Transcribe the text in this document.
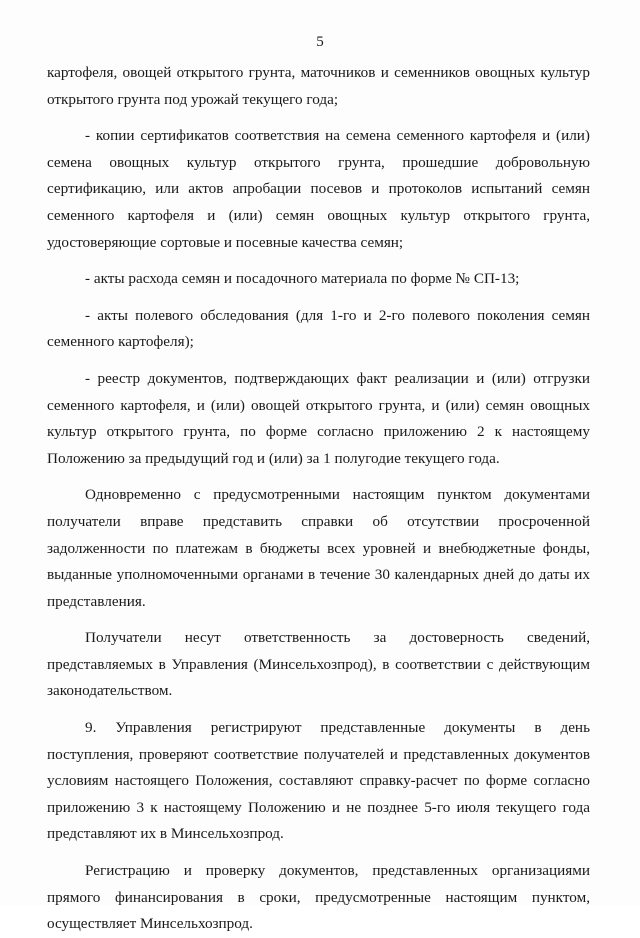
5
картофеля, овощей открытого грунта, маточников и семенников овощных культур
открытого грунта под урожай текущего года;
- копии сертификатов соответствия на семена семенного картофеля и (или)
семена овощных культур открытого грунта, прошедшие добровольную
сертификацию, или актов апробации посевов и протоколов испытаний семян
семенного картофеля и (или) семян овощных культур открытого грунта,
удостоверяющие сортовые и посевные качества семян;
- акты расхода семян и посадочного материала по форме № СП-13;
- акты полевого обследования (для 1-го и 2-го полевого поколения семян
семенного картофеля);
- реестр документов, подтверждающих факт реализации и (или) отгрузки
семенного картофеля, и (или) овощей открытого грунта, и (или) семян овощных
культур открытого грунта, по форме согласно приложению 2 к настоящему
Положению за предыдущий год и (или) за 1 полугодие текущего года.
Одновременно с предусмотренными настоящим пунктом документами
получатели вправе представить справки об отсутствии просроченной
задолженности по платежам в бюджеты всех уровней и внебюджетные фонды,
выданные уполномоченными органами в течение 30 календарных дней до даты их
представления.
Получатели несут ответственность за достоверность сведений,
представляемых в Управления (Минсельхозпрод), в соответствии с действующим
законодательством.
9. Управления регистрируют представленные документы в день
поступления, проверяют соответствие получателей и представленных документов
условиям настоящего Положения, составляют справку-расчет по форме согласно
приложению 3 к настоящему Положению и не позднее 5-го июля текущего года
представляют их в Минсельхозпрод.
Регистрацию и проверку документов, представленных организациями
прямого финансирования в сроки, предусмотренные настоящим пунктом,
осуществляет Минсельхозпрод.
